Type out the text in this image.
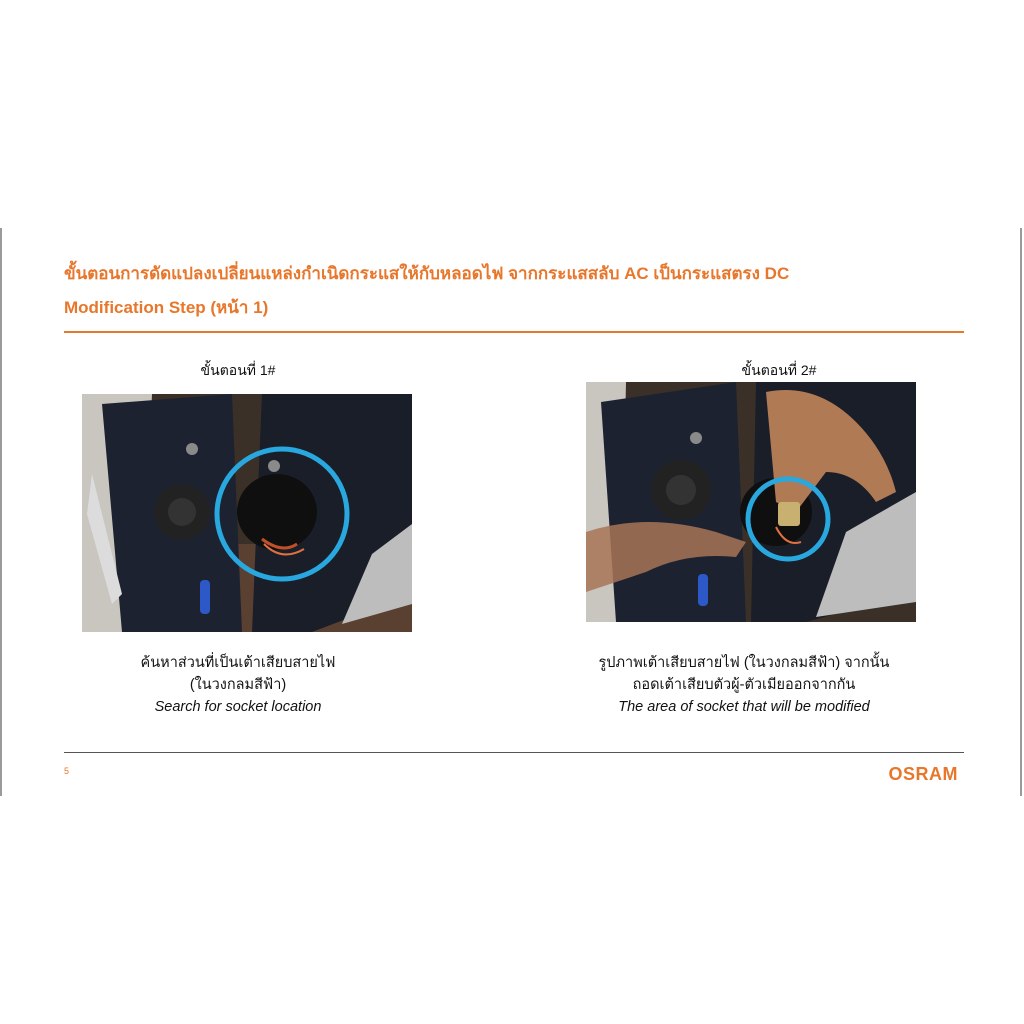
ขั้นตอนการดัดแปลงเปลี่ยนแหล่งกำเนิดกระแสให้กับหลอดไฟ จากกระแสสลับ AC เป็นกระแสตรง DC
Modification Step (หน้า 1)
ขั้นตอนที่ 1#
ค้นหาส่วนที่เป็นเต้าเสียบสายไฟ
(ในวงกลมสีฟ้า)
Search for socket location
ขั้นตอนที่ 2#
รูปภาพเต้าเสียบสายไฟ (ในวงกลมสีฟ้า) จากนั้น
ถอดเต้าเสียบตัวผู้-ตัวเมียออกจากกัน
The area of socket that will be modified
5	OSRAM
